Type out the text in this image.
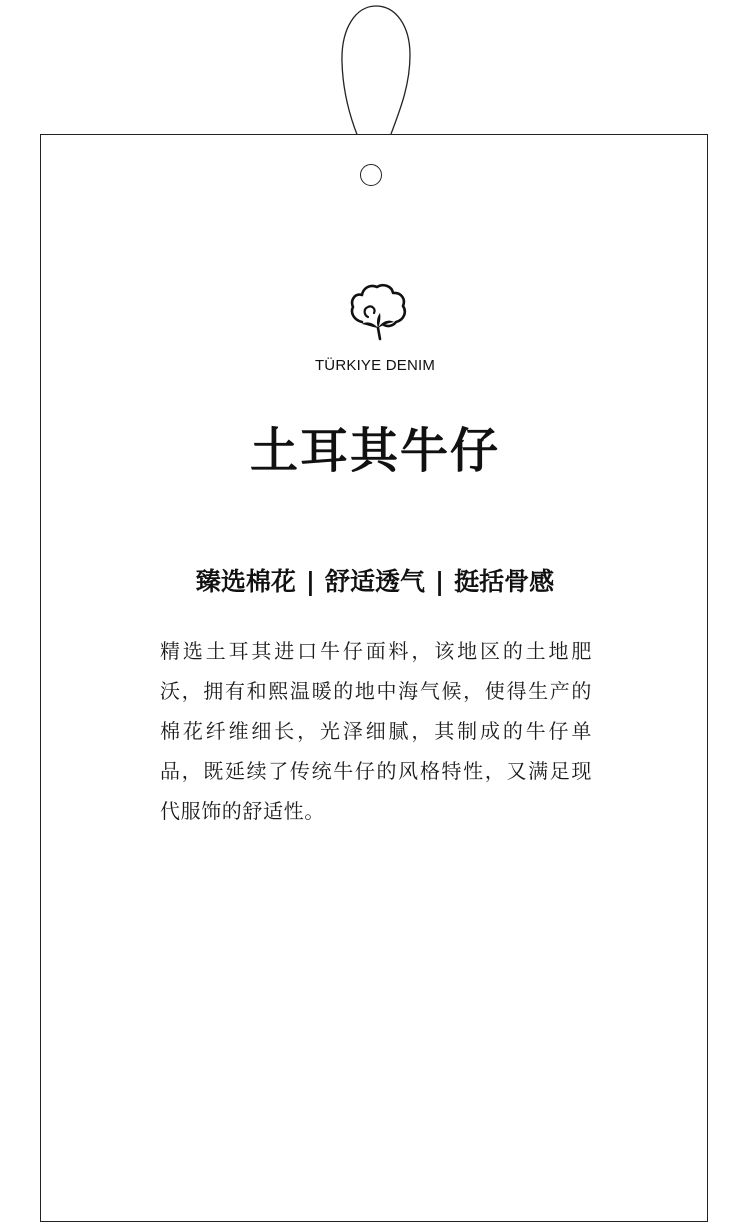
TÜRKIYE DENIM
土耳其牛仔
臻选棉花 | 舒适透气 | 挺括骨感
精选土耳其进口牛仔面料，该地区的土地肥沃，拥有和熙温暖的地中海气候，使得生产的棉花纤维细长，光泽细腻，其制成的牛仔单品，既延续了传统牛仔的风格特性，又满足现代服饰的舒适性。
